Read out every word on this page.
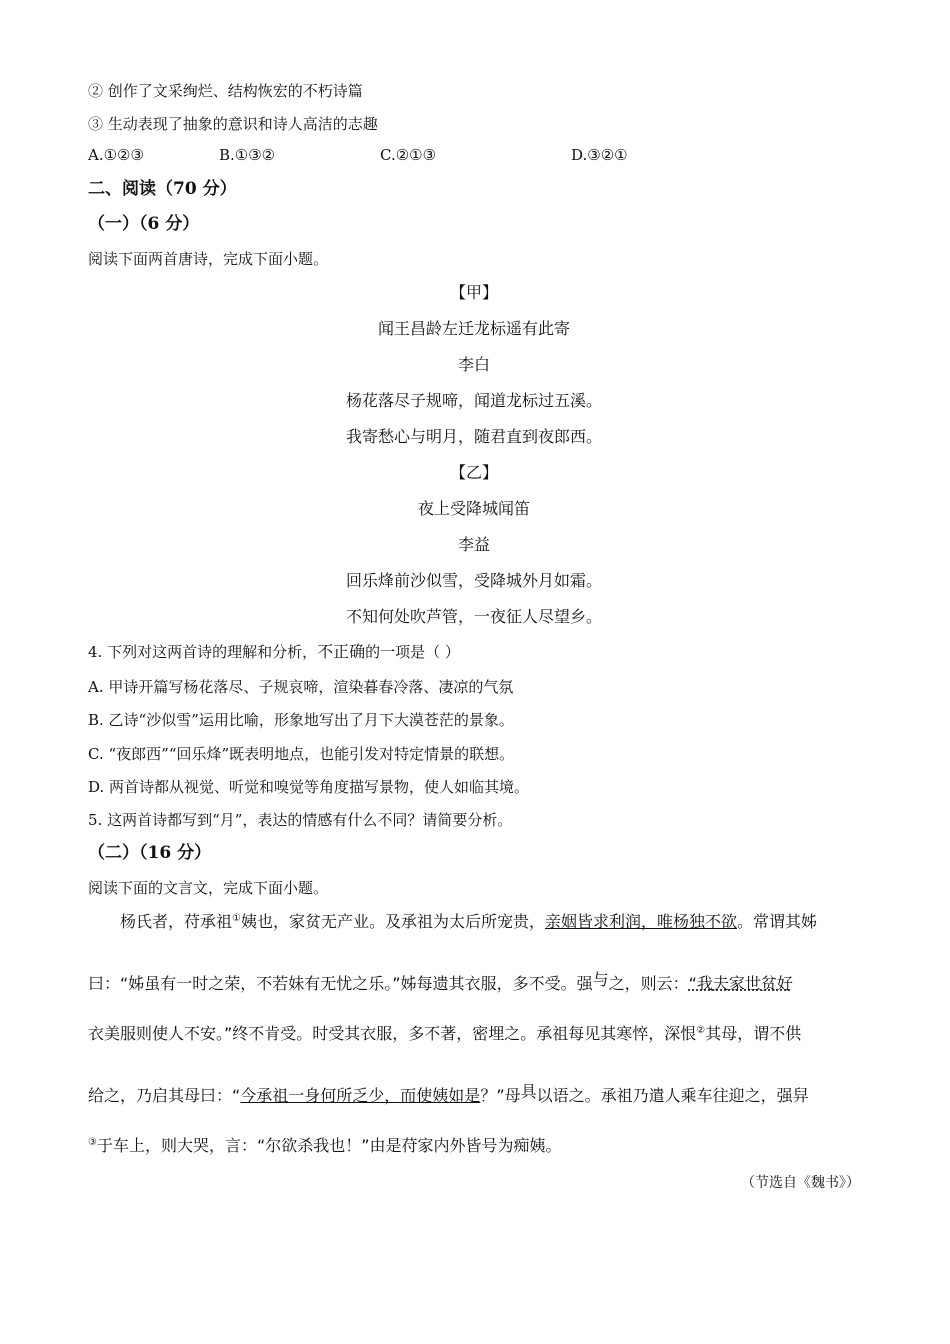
② 创作了文采绚烂、结构恢宏的不朽诗篇
③ 生动表现了抽象的意识和诗人高洁的志趣
A.①②③	B.①③②	C.②①③	D.③②①
二、阅读（70 分）
（一）（6 分）
阅读下面两首唐诗，完成下面小题。
【甲】
闻王昌龄左迁龙标遥有此寄
李白
杨花落尽子规啼，闻道龙标过五溪。
我寄愁心与明月，随君直到夜郎西。
【乙】
夜上受降城闻笛
李益
回乐烽前沙似雪，受降城外月如霜。
不知何处吹芦管，一夜征人尽望乡。
4. 下列对这两首诗的理解和分析，不正确的一项是（ ）
A. 甲诗开篇写杨花落尽、子规哀啼，渲染暮春冷落、凄凉的气氛
B. 乙诗“沙似雪”运用比喻，形象地写出了月下大漠苍茫的景象。
C. “夜郎西”“回乐烽”既表明地点，也能引发对特定情景的联想。
D. 两首诗都从视觉、听觉和嗅觉等角度描写景物，使人如临其境。
5. 这两首诗都写到“月”，表达的情感有什么不同？请简要分析。
（二）（16 分）
阅读下面的文言文，完成下面小题。
杨氏者，苻承祖①姨也，家贫无产业。及承祖为太后所宠贵，亲姻皆求利润，唯杨独不欲。常谓其姊
曰：“姊虽有一时之荣，不若妹有无忧之乐。”姊每遗其衣服，多不受。强与之，则云：“我夫家世贫好
衣美服则使人不安。”终不肯受。时受其衣服，多不著，密埋之。承祖每见其寒悴，深恨②其母，谓不供
给之，乃启其母曰：“今承祖一身何所乏少，而使姨如是？”母具以语之。承祖乃遣人乘车往迎之，强舁
③于车上，则大哭，言：“尔欲杀我也！”由是苻家内外皆号为痴姨。
（节选自《魏书》）
